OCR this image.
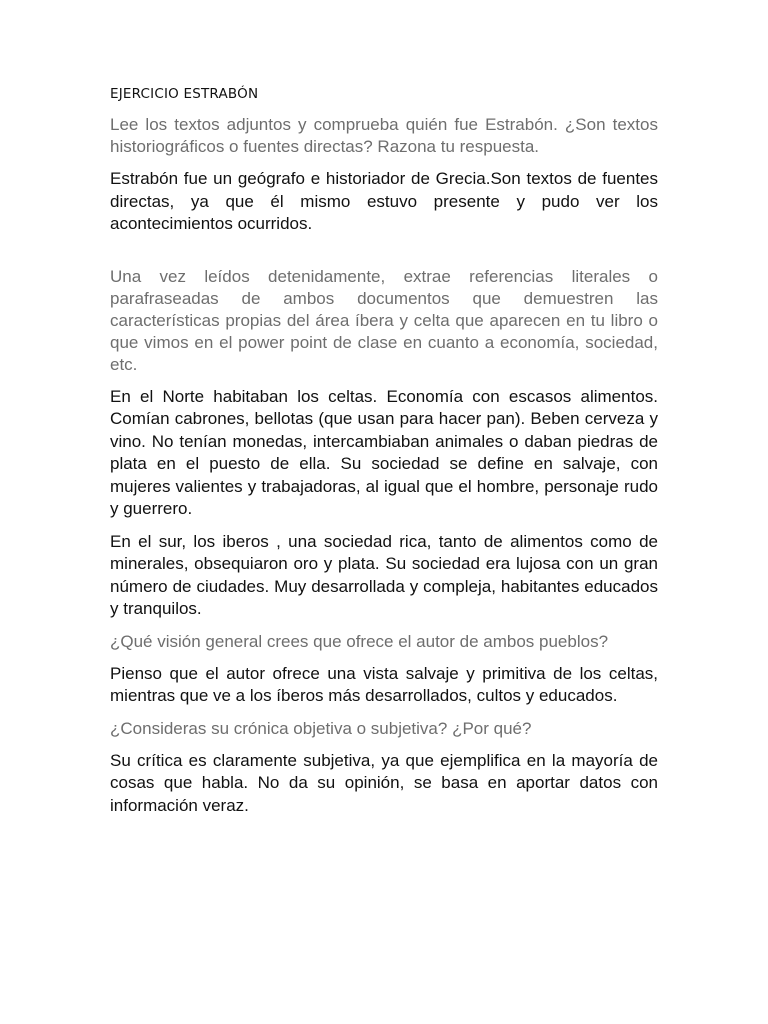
EJERCICIO ESTRABÓN

Lee los textos adjuntos y comprueba quién fue Estrabón. ¿Son textos historiográficos o fuentes directas? Razona tu respuesta.

Estrabón fue un geógrafo e historiador de Grecia.Son textos de fuentes directas, ya que él mismo estuvo presente y pudo ver los acontecimientos ocurridos.

Una vez leídos detenidamente, extrae referencias literales o parafraseadas de ambos documentos que demuestren las características propias del área íbera y celta que aparecen en tu libro o que vimos en el power point de clase en cuanto a economía, sociedad, etc.

En el Norte habitaban los celtas. Economía con escasos alimentos. Comían cabrones, bellotas (que usan para hacer pan). Beben cerveza y vino. No tenían monedas, intercambiaban animales o daban piedras de plata en el puesto de ella. Su sociedad se define en salvaje, con mujeres valientes y trabajadoras, al igual que el hombre, personaje rudo y guerrero.

En el sur, los iberos , una sociedad rica, tanto de alimentos como de minerales, obsequiaron oro y plata. Su sociedad era lujosa con un gran número de ciudades. Muy desarrollada y compleja, habitantes educados y tranquilos.

¿Qué visión general crees que ofrece el autor de ambos pueblos?

Pienso que el autor ofrece una vista salvaje y primitiva de los celtas, mientras que ve a los íberos más desarrollados, cultos y educados.

¿Consideras su crónica objetiva o subjetiva? ¿Por qué?

Su crítica es claramente subjetiva, ya que ejemplifica en la mayoría de cosas que habla. No da su opinión, se basa en aportar datos con información veraz.
